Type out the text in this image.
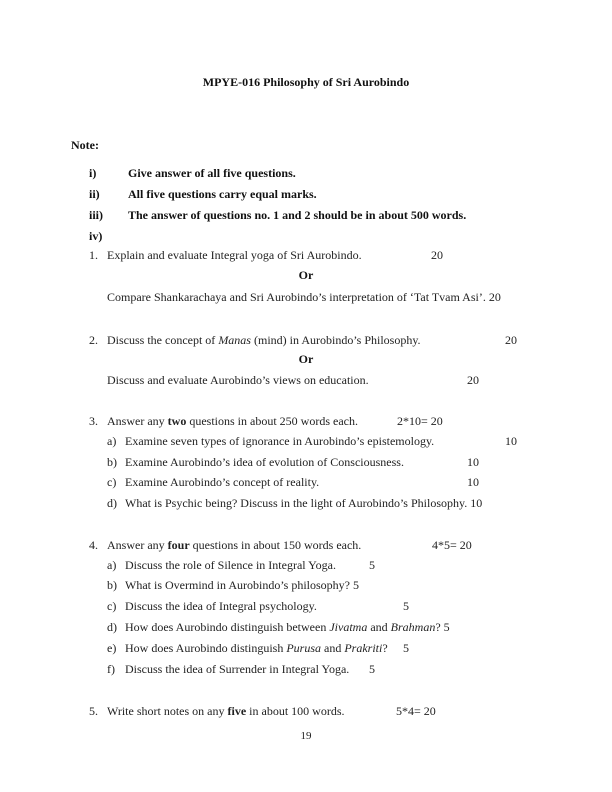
MPYE-016 Philosophy of Sri Aurobindo
Note:
i)	Give answer of all five questions.
ii) All five questions carry equal marks.
iii) The answer of questions no. 1 and 2 should be in about 500 words.
iv)
1. Explain and evaluate Integral yoga of Sri Aurobindo.	20
Or
Compare Shankarachaya and Sri Aurobindo’s interpretation of ‘Tat Tvam Asi’. 20
2. Discuss the concept of Manas (mind) in Aurobindo’s Philosophy.	20
Or
Discuss and evaluate Aurobindo’s views on education.	20
3. Answer any two questions in about 250 words each.	2*10= 20
a) Examine seven types of ignorance in Aurobindo’s epistemology.	10
b) Examine Aurobindo’s idea of evolution of Consciousness.	10
c) Examine Aurobindo’s concept of reality.	10
d) What is Psychic being? Discuss in the light of Aurobindo’s Philosophy. 10
4. Answer any four questions in about 150 words each.	4*5= 20
a) Discuss the role of Silence in Integral Yoga.	5
b) What is Overmind in Aurobindo’s philosophy? 5
c) Discuss the idea of Integral psychology.	5
d) How does Aurobindo distinguish between Jivatma and Brahman? 5
e) How does Aurobindo distinguish Purusa and Prakriti? 5
f) Discuss the idea of Surrender in Integral Yoga. 5
5. Write short notes on any five in about 100 words.	5*4= 20
19
